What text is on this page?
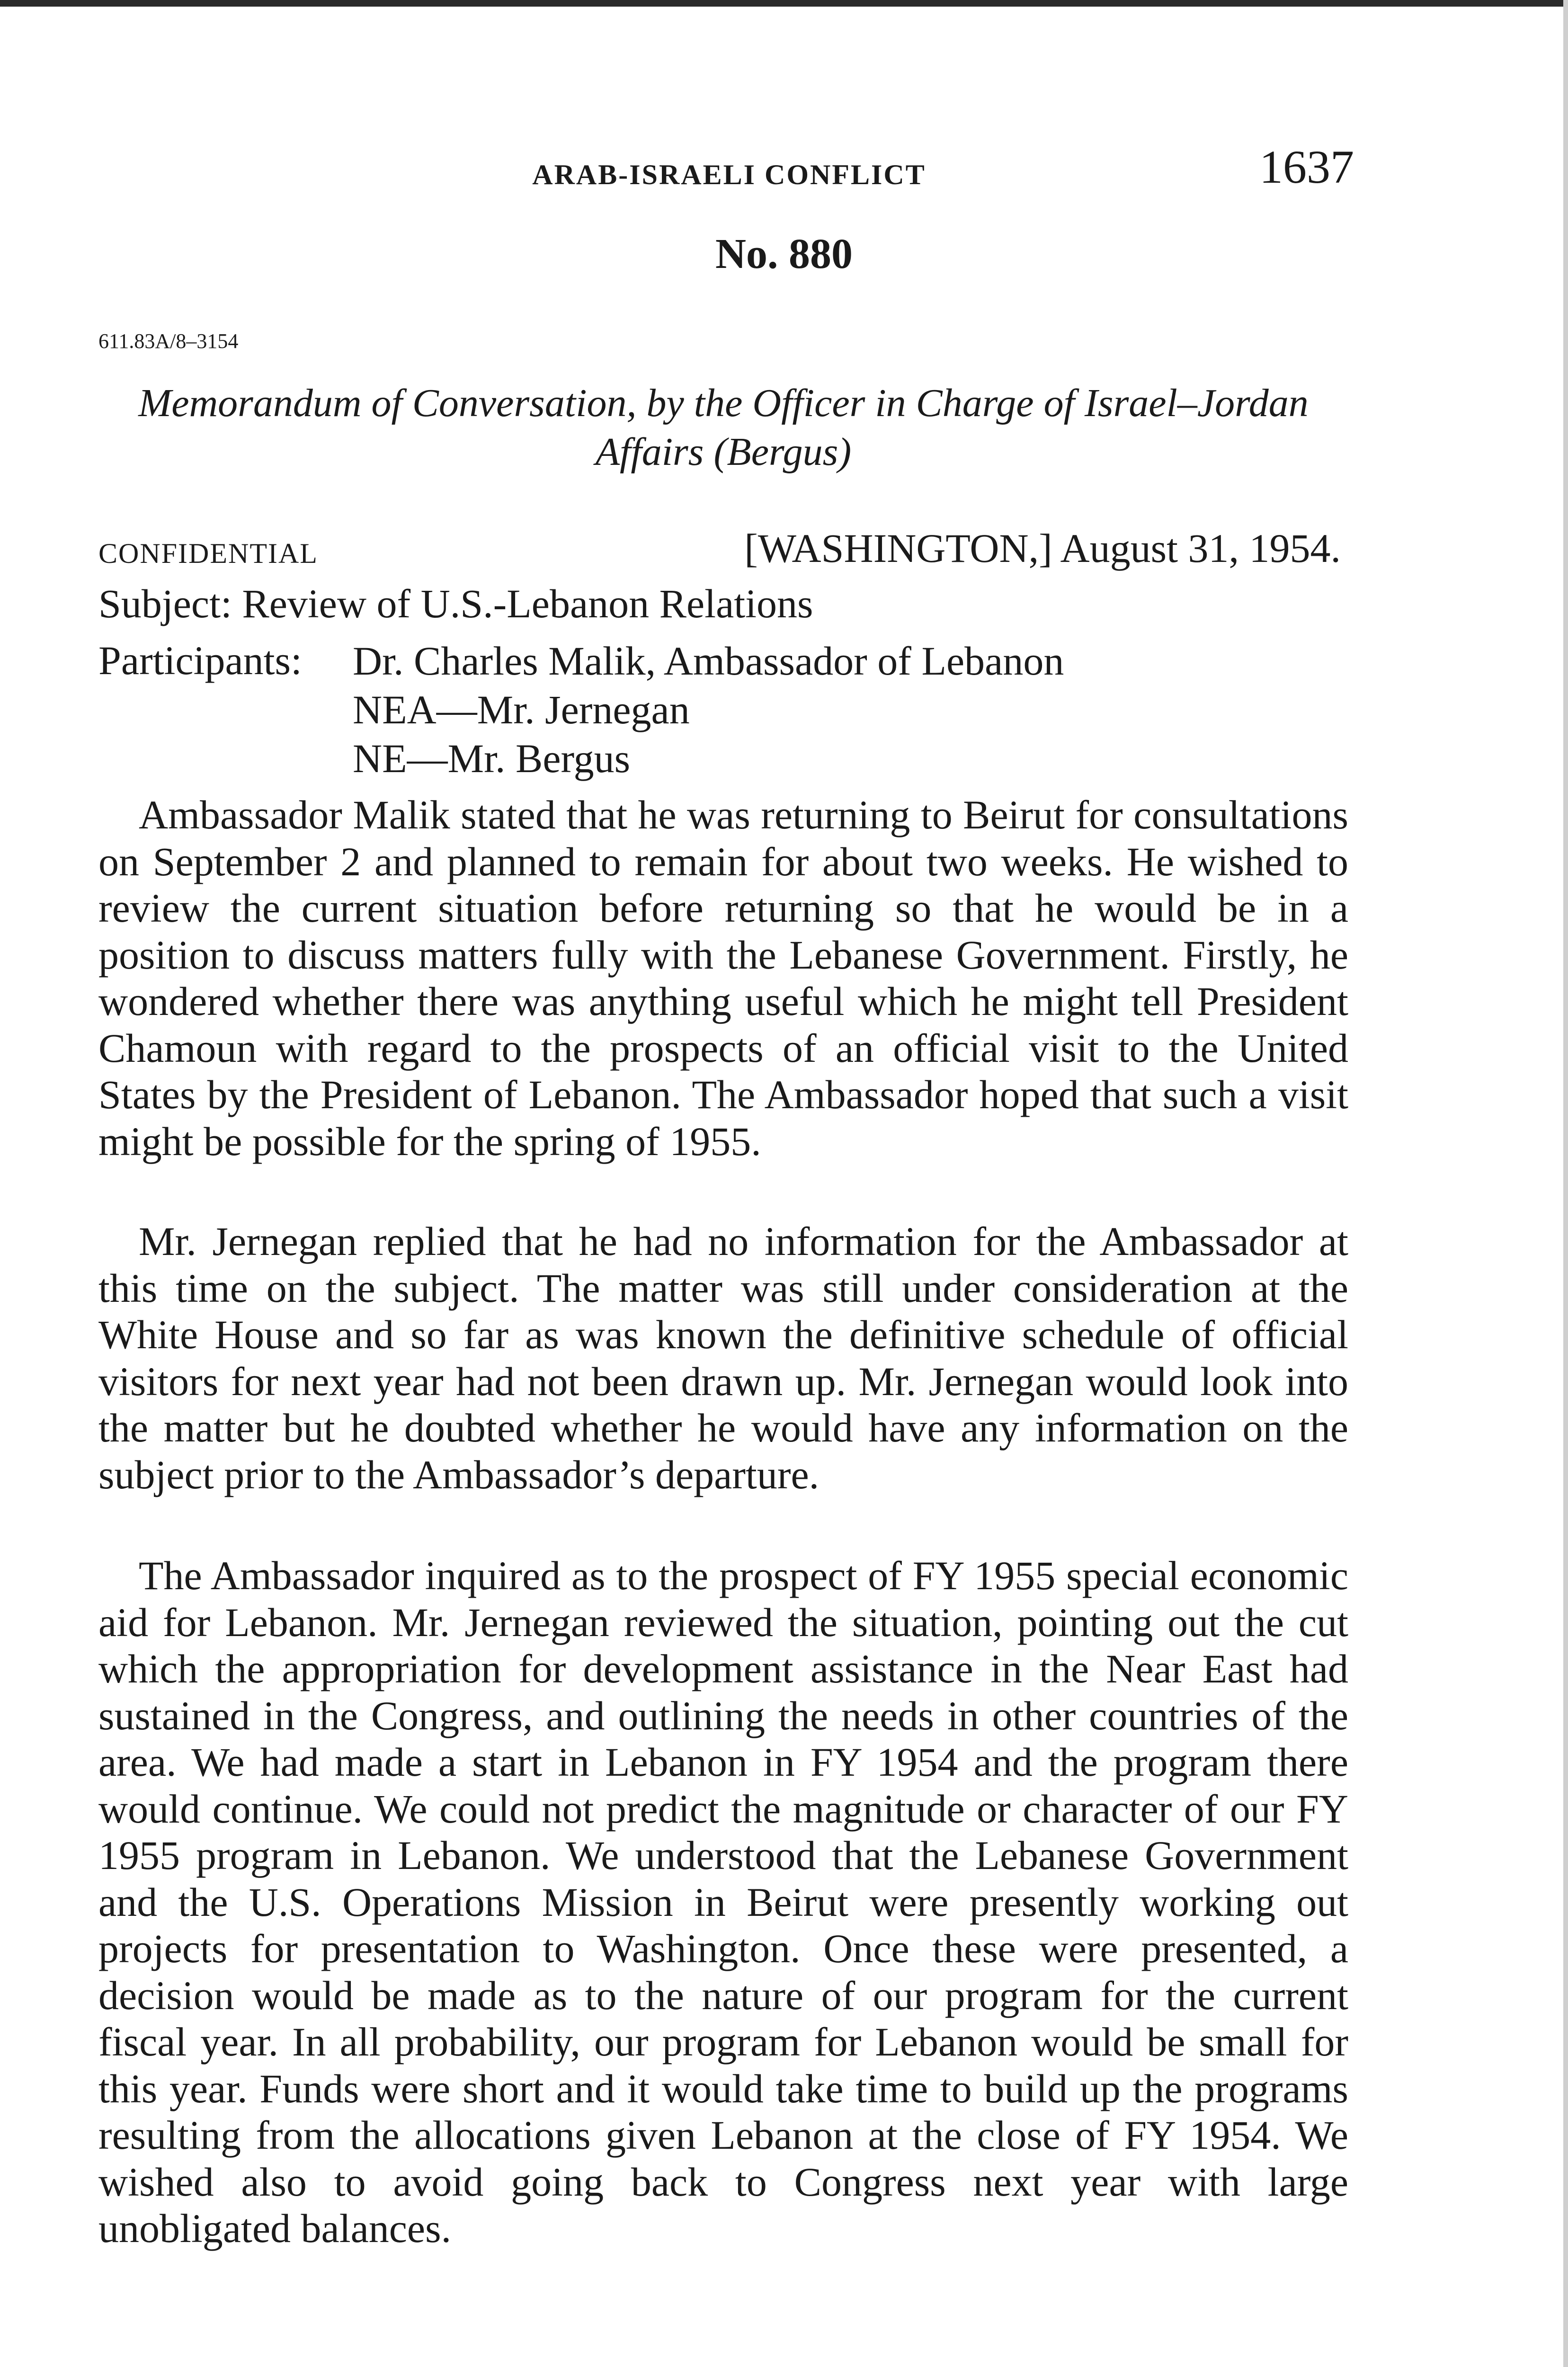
ARAB-ISRAELI CONFLICT	1637
No. 880
611.83A/8–3154
Memorandum of Conversation, by the Officer in Charge of Israel–Jordan Affairs (Bergus)
CONFIDENTIAL	[WASHINGTON,] August 31, 1954.
Subject: Review of U.S.-Lebanon Relations
Participants: Dr. Charles Malik, Ambassador of Lebanon
NEA—Mr. Jernegan
NE—Mr. Bergus

Ambassador Malik stated that he was returning to Beirut for consultations on September 2 and planned to remain for about two weeks. He wished to review the current situation before returning so that he would be in a position to discuss matters fully with the Lebanese Government. Firstly, he wondered whether there was anything useful which he might tell President Chamoun with regard to the prospects of an official visit to the United States by the President of Lebanon. The Ambassador hoped that such a visit might be possible for the spring of 1955.

Mr. Jernegan replied that he had no information for the Ambassador at this time on the subject. The matter was still under consideration at the White House and so far as was known the definitive schedule of official visitors for next year had not been drawn up. Mr. Jernegan would look into the matter but he doubted whether he would have any information on the subject prior to the Ambassador’s departure.

The Ambassador inquired as to the prospect of FY 1955 special economic aid for Lebanon. Mr. Jernegan reviewed the situation, pointing out the cut which the appropriation for development assistance in the Near East had sustained in the Congress, and outlining the needs in other countries of the area. We had made a start in Lebanon in FY 1954 and the program there would continue. We could not predict the magnitude or character of our FY 1955 program in Lebanon. We understood that the Lebanese Government and the U.S. Operations Mission in Beirut were presently working out projects for presentation to Washington. Once these were presented, a decision would be made as to the nature of our program for the current fiscal year. In all probability, our program for Lebanon would be small for this year. Funds were short and it would take time to build up the programs resulting from the allocations given Lebanon at the close of FY 1954. We wished also to avoid going back to Congress next year with large unobligated balances.
